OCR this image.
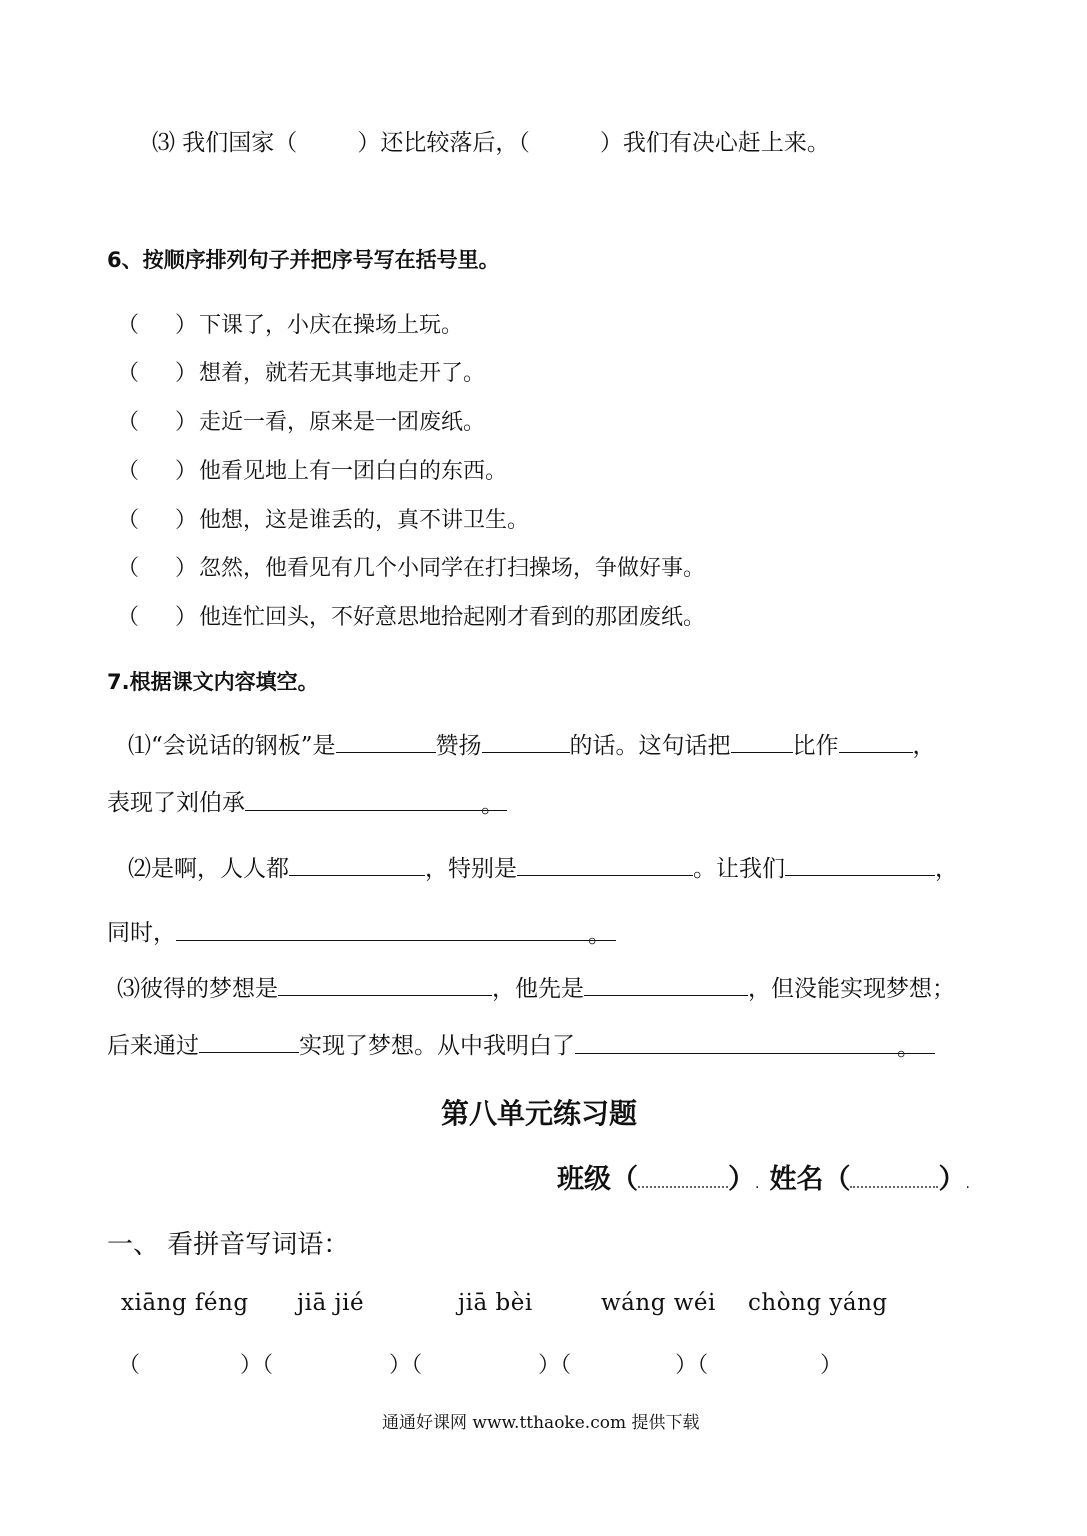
⑶ 我们国家（	）还比较落后，（	）我们有决心赶上来。
6、按顺序排列句子并把序号写在括号里。
（ ）下课了，小庆在操场上玩。
（ ）想着，就若无其事地走开了。
（ ）走近一看，原来是一团废纸。
（ ）他看见地上有一团白白的东西。
（ ）他想，这是谁丢的，真不讲卫生。
（ ）忽然，他看见有几个小同学在打扫操场，争做好事。
（ ）他连忙回头，不好意思地拾起刚才看到的那团废纸。
7.根据课文内容填空。
⑴“会说话的钢板”是	赞扬	的话。这句话把	比作	，
表现了刘伯承	。
⑵是啊，人人都	，特别是	。让我们	，
同时，	。
⑶彼得的梦想是	，他先是	，但没能实现梦想；
后来通过	实现了梦想。从中我明白了	。
第八单元练习题
班级（	）. 姓名（	）.
一、 看拼音写词语：
xiāng féng jiā jié	jiā bèi	wáng wéi chòng yáng
（	）（	）（	）（	）（	）
通通好课网 www.tthaoke.com 提供下载
